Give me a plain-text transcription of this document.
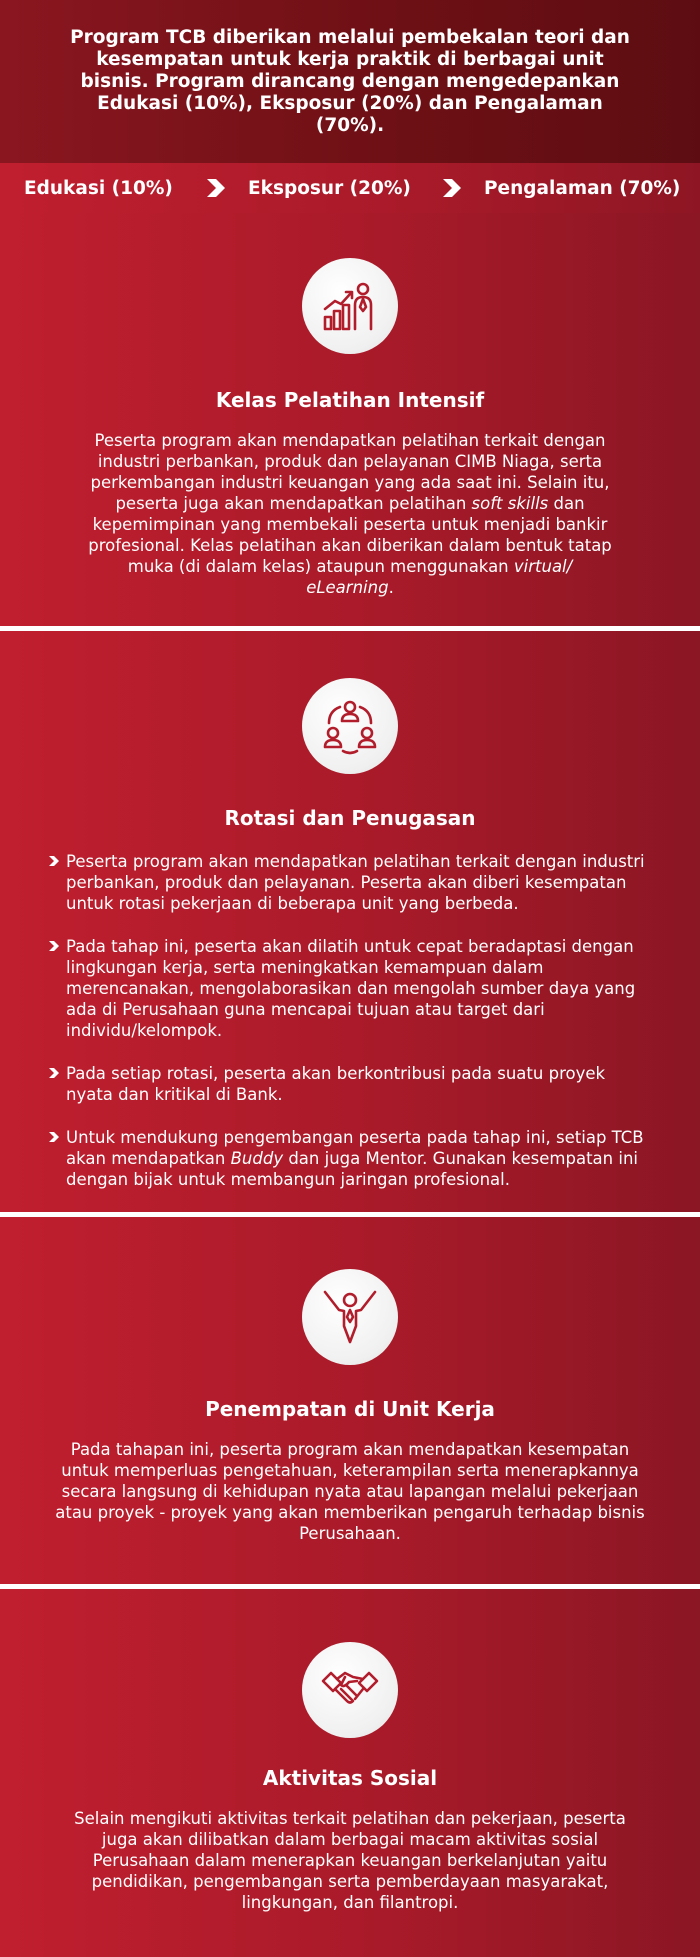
Program TCB diberikan melalui pembekalan teori dan kesempatan untuk kerja praktik di berbagai unit bisnis. Program dirancang dengan mengedepankan Edukasi (10%), Eksposur (20%) dan Pengalaman (70%).

Edukasi (10%)	Eksposur (20%)	Pengalaman (70%)
Kelas Pelatihan Intensif
Peserta program akan mendapatkan pelatihan terkait dengan industri perbankan, produk dan pelayanan CIMB Niaga, serta perkembangan industri keuangan yang ada saat ini. Selain itu, peserta juga akan mendapatkan pelatihan soft skills dan kepemimpinan yang membekali peserta untuk menjadi bankir profesional. Kelas pelatihan akan diberikan dalam bentuk tatap muka (di dalam kelas) ataupun menggunakan virtual/ eLearning.
Rotasi dan Penugasan
Peserta program akan mendapatkan pelatihan terkait dengan industri perbankan, produk dan pelayanan. Peserta akan diberi kesempatan untuk rotasi pekerjaan di beberapa unit yang berbeda.
Pada tahap ini, peserta akan dilatih untuk cepat beradaptasi dengan lingkungan kerja, serta meningkatkan kemampuan dalam merencanakan, mengolaborasikan dan mengolah sumber daya yang ada di Perusahaan guna mencapai tujuan atau target dari individu/kelompok.
Pada setiap rotasi, peserta akan berkontribusi pada suatu proyek nyata dan kritikal di Bank.
Untuk mendukung pengembangan peserta pada tahap ini, setiap TCB akan mendapatkan Buddy dan juga Mentor. Gunakan kesempatan ini dengan bijak untuk membangun jaringan profesional.
Penempatan di Unit Kerja
Pada tahapan ini, peserta program akan mendapatkan kesempatan untuk memperluas pengetahuan, keterampilan serta menerapkannya secara langsung di kehidupan nyata atau lapangan melalui pekerjaan atau proyek - proyek yang akan memberikan pengaruh terhadap bisnis Perusahaan.
Aktivitas Sosial
Selain mengikuti aktivitas terkait pelatihan dan pekerjaan, peserta juga akan dilibatkan dalam berbagai macam aktivitas sosial Perusahaan dalam menerapkan keuangan berkelanjutan yaitu pendidikan, pengembangan serta pemberdayaan masyarakat, lingkungan, dan filantropi.
